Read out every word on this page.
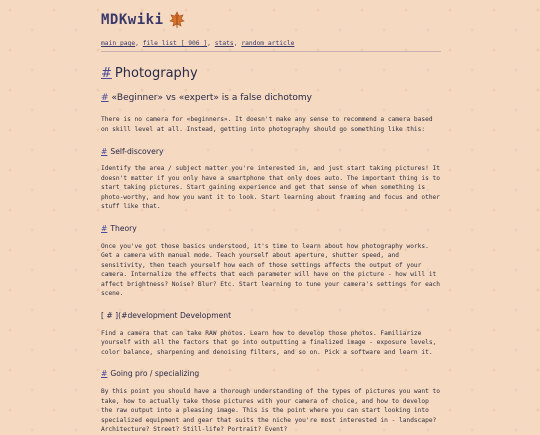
MDKwiki
main page, file list [ 906 ], stats, random article
# Photography
# «Beginner» vs «expert» is a false dichotomy

There is no camera for «beginners». It doesn't make any sense to recommend a camera based on skill level at all. Instead, getting into photography should go something like this:

# Self-discovery

Identify the area / subject matter you're interested in, and just start taking pictures! It doesn't matter if you only have a smartphone that only does auto. The important thing is to start taking pictures. Start gaining experience and get that sense of when something is photo-worthy, and how you want it to look. Start learning about framing and focus and other stuff like that.

# Theory

Once you've got those basics understood, it's time to learn about how photography works. Get a camera with manual mode. Teach yourself about aperture, shutter speed, and sensitivity, then teach yourself how each of those settings affects the output of your camera. Internalize the effects that each parameter will have on the picture - how will it affect brightness? Noise? Blur? Etc. Start learning to tune your camera's settings for each scene.

[ # ](#development Development

Find a camera that can take RAW photos. Learn how to develop those photos. Familiarize yourself with all the factors that go into outputting a finalized image - exposure levels, color balance, sharpening and denoising filters, and so on. Pick a software and learn it.

# Going pro / specializing

By this point you should have a thorough understanding of the types of pictures you want to take, how to actually take those pictures with your camera of choice, and how to develop the raw output into a pleasing image. This is the point where you can start looking into specialized equipment and gear that suits the niche you're most interested in - landscape? Architecture? Street? Still-life? Portrait? Event?
